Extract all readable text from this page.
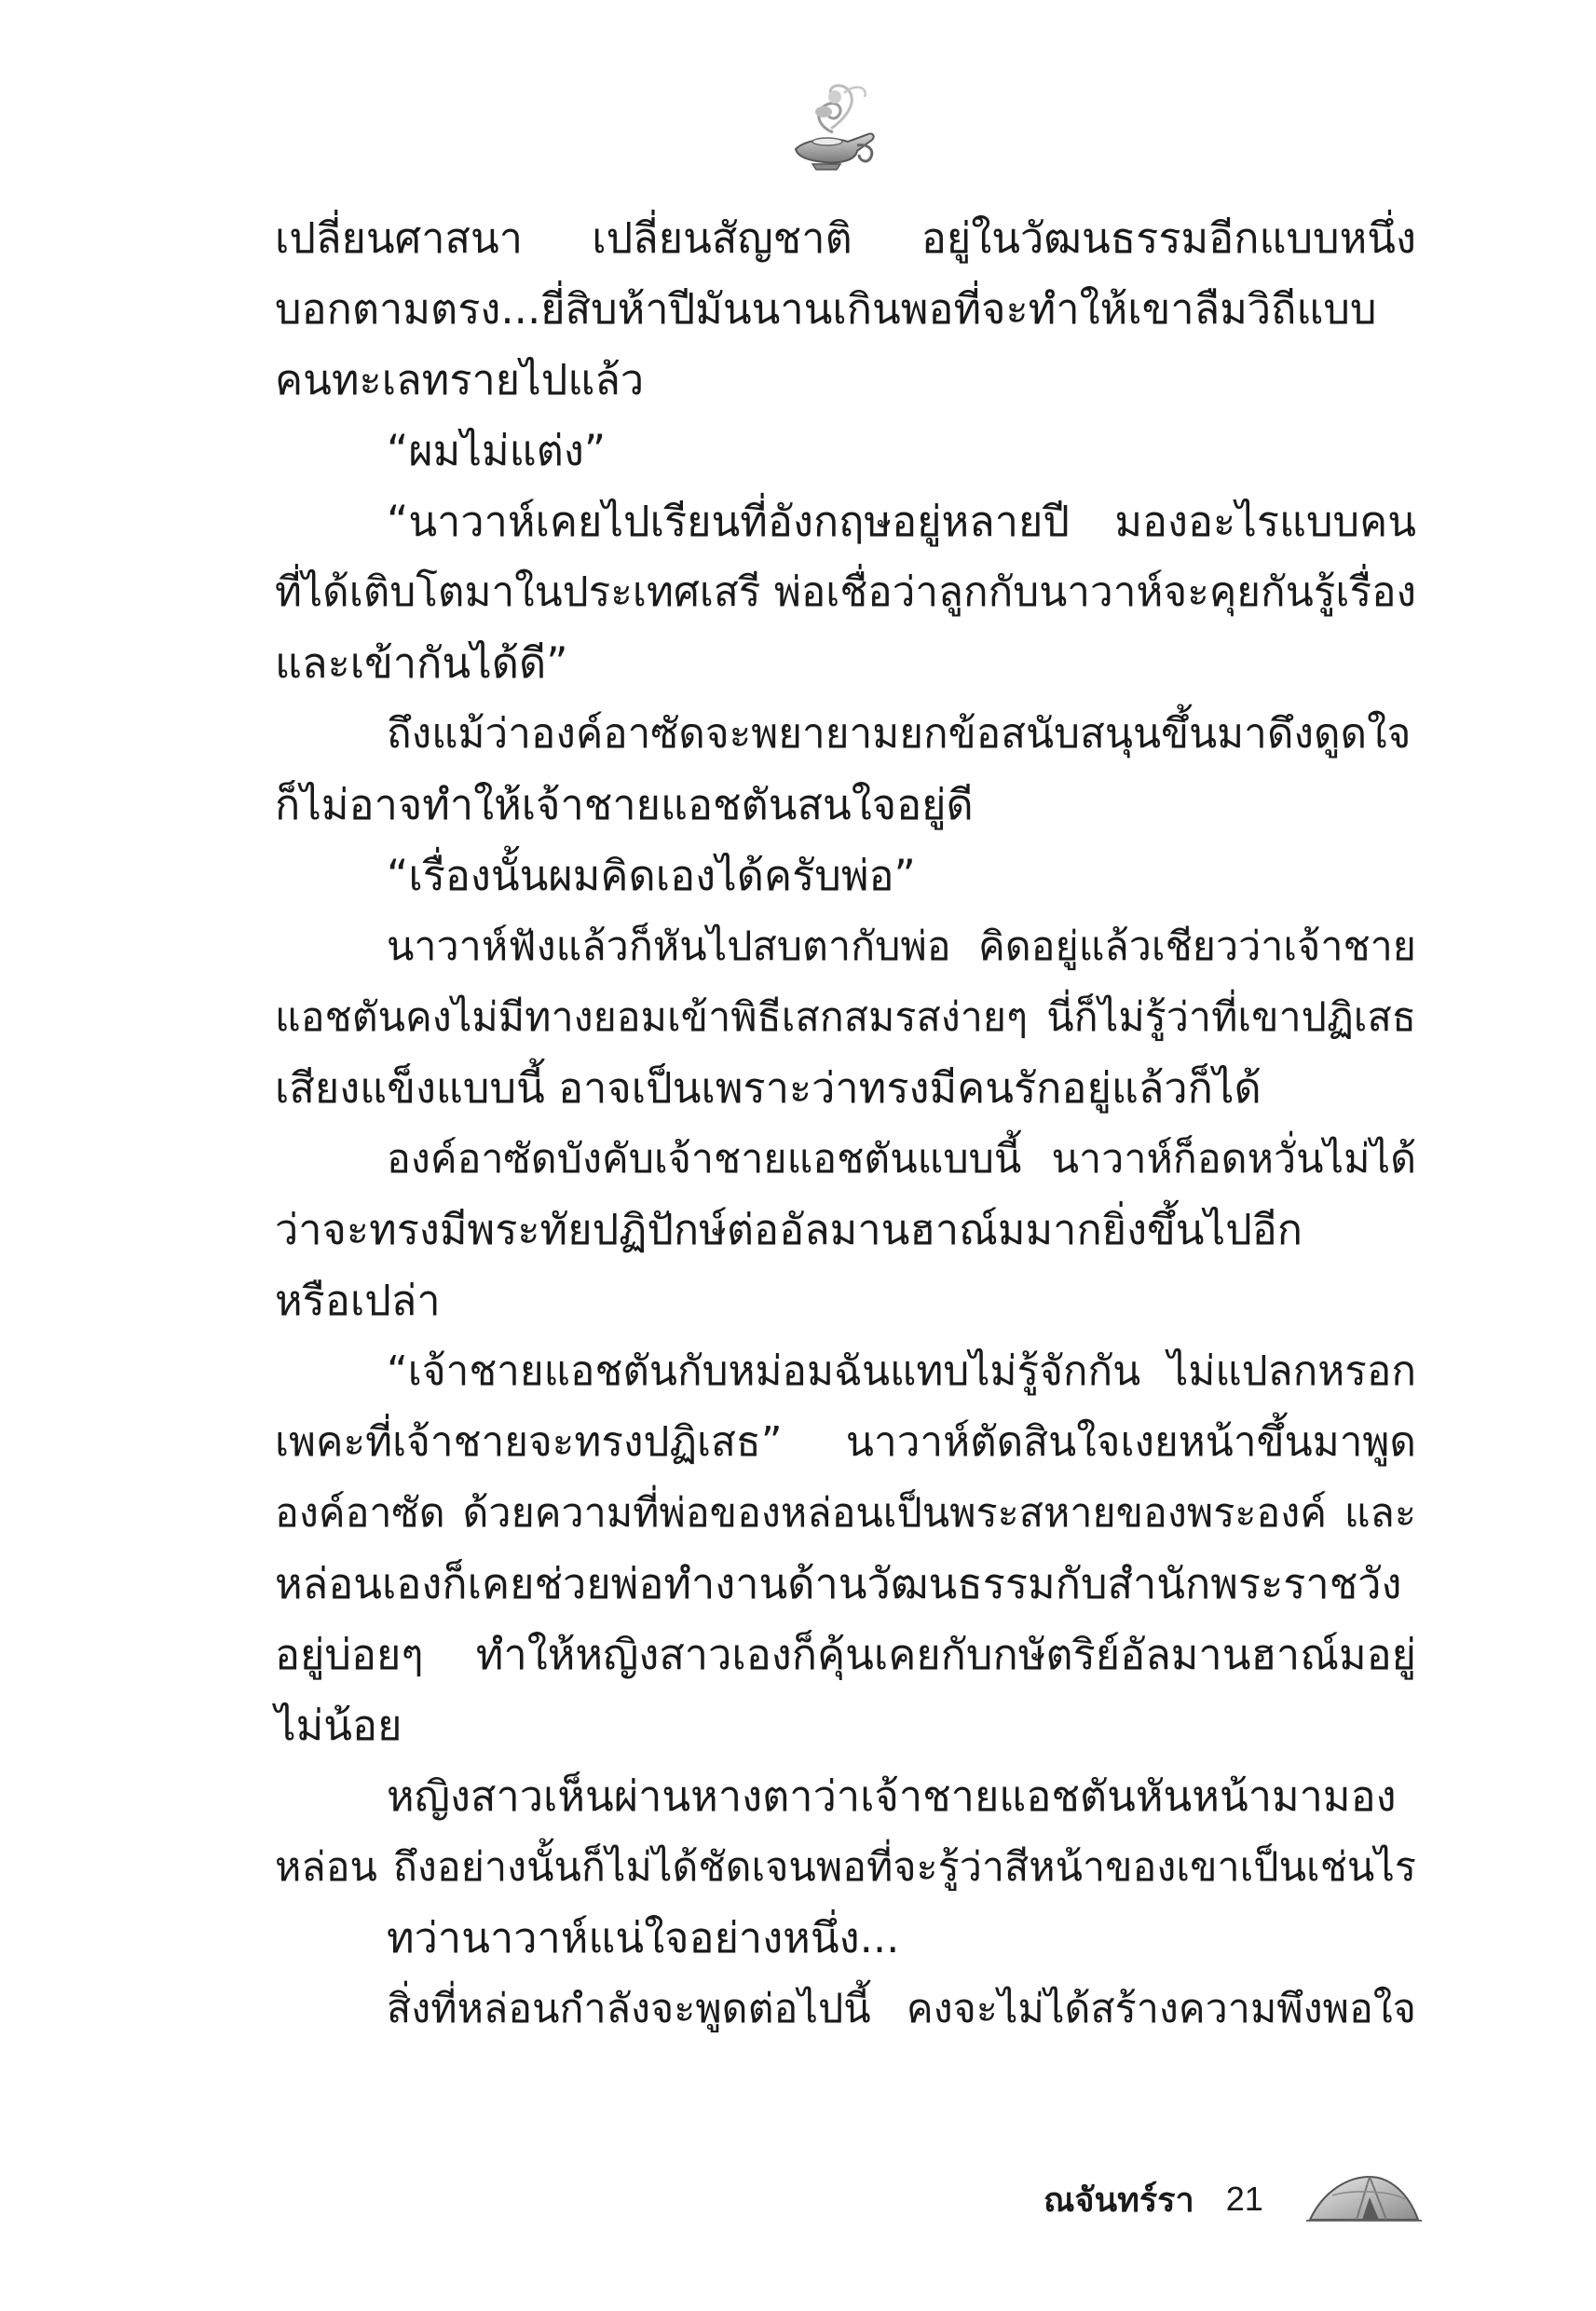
เปลี่ยนศาสนา เปลี่ยนสัญชาติ อยู่ในวัฒนธรรมอีกแบบหนึ่ง
บอกตามตรง...ยี่สิบห้าปีมันนานเกินพอที่จะทำให้เขาลืมวิถีแบบ
คนทะเลทรายไปแล้ว
“ผมไม่แต่ง”
“นาวาห์เคยไปเรียนที่อังกฤษอยู่หลายปี มองอะไรแบบคน
ที่ได้เติบโตมาในประเทศเสรี พ่อเชื่อว่าลูกกับนาวาห์จะคุยกันรู้เรื่อง
และเข้ากันได้ดี”
ถึงแม้ว่าองค์อาซัดจะพยายามยกข้อสนับสนุนขึ้นมาดึงดูดใจ
ก็ไม่อาจทำให้เจ้าชายแอชตันสนใจอยู่ดี
“เรื่องนั้นผมคิดเองได้ครับพ่อ”
นาวาห์ฟังแล้วก็หันไปสบตากับพ่อ คิดอยู่แล้วเชียวว่าเจ้าชาย
แอชตันคงไม่มีทางยอมเข้าพิธีเสกสมรสง่ายๆ นี่ก็ไม่รู้ว่าที่เขาปฏิเสธ
เสียงแข็งแบบนี้ อาจเป็นเพราะว่าทรงมีคนรักอยู่แล้วก็ได้
องค์อาซัดบังคับเจ้าชายแอชตันแบบนี้ นาวาห์ก็อดหวั่นไม่ได้
ว่าจะทรงมีพระทัยปฏิปักษ์ต่ออัลมานฮาณ์มมากยิ่งขึ้นไปอีก
หรือเปล่า
“เจ้าชายแอชตันกับหม่อมฉันแทบไม่รู้จักกัน ไม่แปลกหรอก
เพคะที่เจ้าชายจะทรงปฏิเสธ” นาวาห์ตัดสินใจเงยหน้าขึ้นมาพูด
องค์อาซัด ด้วยความที่พ่อของหล่อนเป็นพระสหายของพระองค์ และ
หล่อนเองก็เคยช่วยพ่อทำงานด้านวัฒนธรรมกับสำนักพระราชวัง
อยู่บ่อยๆ ทำให้หญิงสาวเองก็คุ้นเคยกับกษัตริย์อัลมานฮาณ์มอยู่
ไม่น้อย
หญิงสาวเห็นผ่านหางตาว่าเจ้าชายแอชตันหันหน้ามามอง
หล่อน ถึงอย่างนั้นก็ไม่ได้ชัดเจนพอที่จะรู้ว่าสีหน้าของเขาเป็นเช่นไร
ทว่านาวาห์แน่ใจอย่างหนึ่ง...
สิ่งที่หล่อนกำลังจะพูดต่อไปนี้ คงจะไม่ได้สร้างความพึงพอใจ
ณจันทร์รา 21
